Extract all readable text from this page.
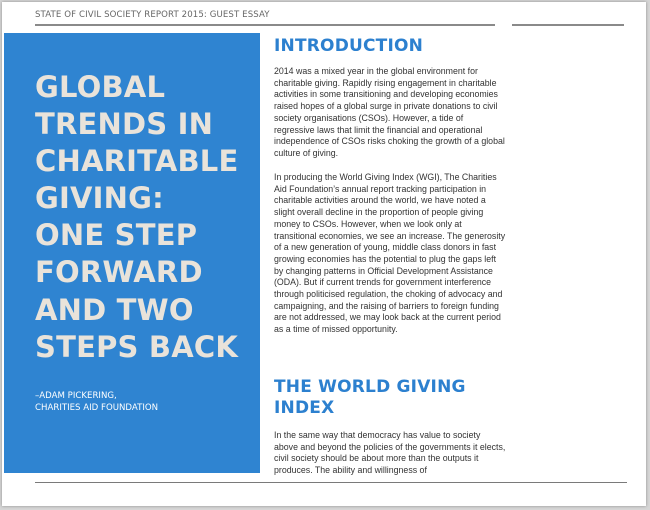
STATE OF CIVIL SOCIETY REPORT 2015: GUEST ESSAY
GLOBAL
TRENDS IN
CHARITABLE
GIVING:
ONE STEP
FORWARD
AND TWO
STEPS BACK
–ADAM PICKERING,
CHARITIES AID FOUNDATION
INTRODUCTION

2014 was a mixed year in the global environment for charitable giving. Rapidly rising engagement in charitable activities in some transitioning and developing economies raised hopes of a global surge in private donations to civil society organisations (CSOs). However, a tide of regressive laws that limit the financial and operational independence of CSOs risks choking the growth of a global culture of giving.

In producing the World Giving Index (WGI), The Charities Aid Foundation’s annual report tracking participation in charitable activities around the world, we have noted a slight overall decline in the proportion of people giving money to CSOs. However, when we look only at transitional economies, we see an increase. The generosity of a new generation of young, middle class donors in fast growing economies has the potential to plug the gaps left by changing patterns in Official Development Assistance (ODA). But if current trends for government interference through politicised regulation, the choking of advocacy and campaigning, and the raising of barriers to foreign funding are not addressed, we may look back at the current period as a time of missed opportunity.

THE WORLD GIVING INDEX

In the same way that democracy has value to society above and beyond the policies of the governments it elects, civil society should be about more than the outputs it produces. The ability and willingness of
